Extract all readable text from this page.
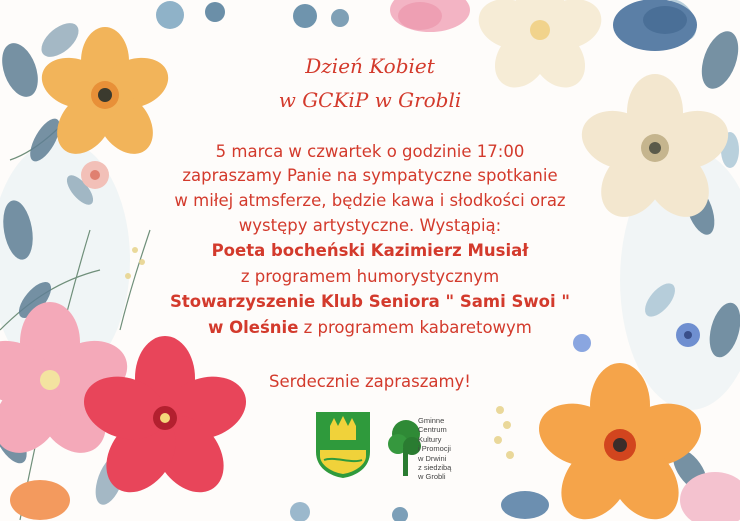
Dzień Kobiet
w GCKiP w Grobli
5 marca w czwartek o godzinie 17:00
zapraszamy Panie na sympatyczne spotkanie
w miłej atmsferze, będzie kawa i słodkości oraz
występy artystyczne. Wystąpią:
Poeta bocheński Kazimierz Musiał
z programem humorystycznym
Stowarzyszenie Klub Seniora " Sami Swoi "
w Oleśnie z programem kabaretowym
Serdecznie zapraszamy!
Gminne
Centrum
Kultury
i Promocji
w Drwini
z siedzibą
w Grobli
